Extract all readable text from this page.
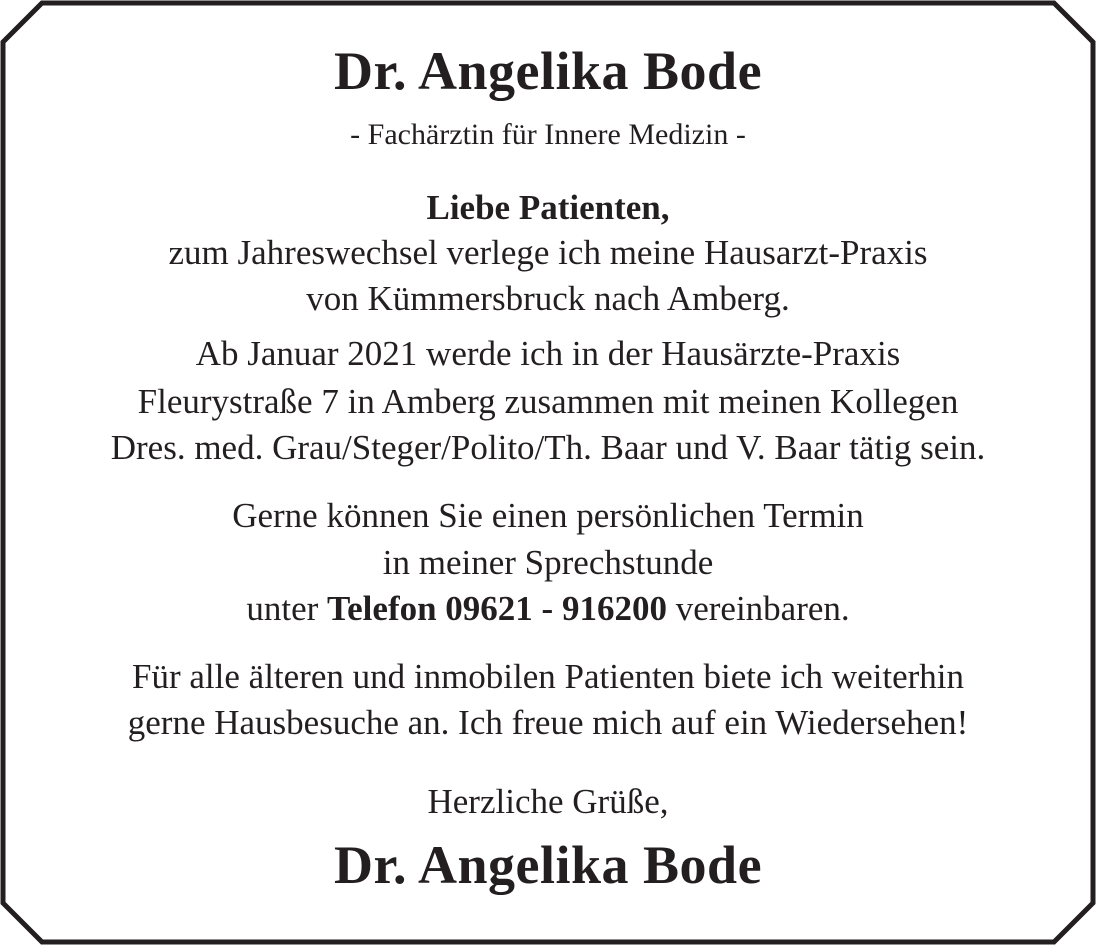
Dr. Angelika Bode
- Fachärztin für Innere Medizin -
Liebe Patienten,
zum Jahreswechsel verlege ich meine Hausarzt-Praxis
von Kümmersbruck nach Amberg.
Ab Januar 2021 werde ich in der Hausärzte-Praxis
Fleurystraße 7 in Amberg zusammen mit meinen Kollegen
Dres. med. Grau/Steger/Polito/Th. Baar und V. Baar tätig sein.
Gerne können Sie einen persönlichen Termin
in meiner Sprechstunde
unter Telefon 09621 - 916200 vereinbaren.
Für alle älteren und inmobilen Patienten biete ich weiterhin
gerne Hausbesuche an. Ich freue mich auf ein Wiedersehen!
Herzliche Grüße,
Dr. Angelika Bode
